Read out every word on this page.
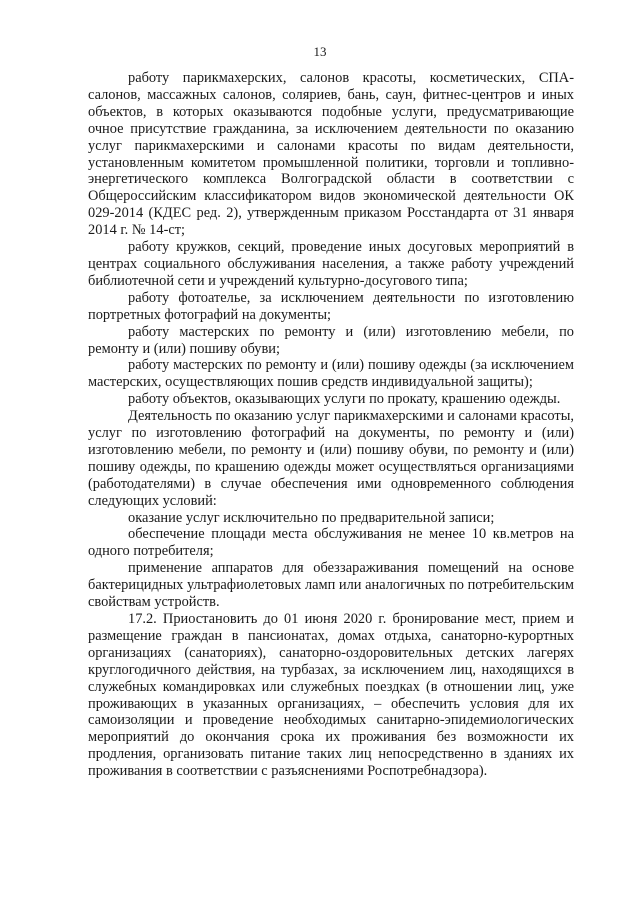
13

работу парикмахерских, салонов красоты, косметических, СПА-салонов, массажных салонов, соляриев, бань, саун, фитнес-центров и иных объектов, в которых оказываются подобные услуги, предусматривающие очное присутствие гражданина, за исключением деятельности по оказанию услуг парикмахерскими и салонами красоты по видам деятельности, установленным комитетом промышленной политики, торговли и топливно-энергетического комплекса Волгоградской области в соответствии с Общероссийским классификатором видов экономической деятельности ОК 029-2014 (КДЕС ред. 2), утвержденным приказом Росстандарта от 31 января 2014 г. № 14-ст;

работу кружков, секций, проведение иных досуговых мероприятий в центрах социального обслуживания населения, а также работу учреждений библиотечной сети и учреждений культурно-досугового типа;

работу фотоателье, за исключением деятельности по изготовлению портретных фотографий на документы;

работу мастерских по ремонту и (или) изготовлению мебели, по ремонту и (или) пошиву обуви;

работу мастерских по ремонту и (или) пошиву одежды (за исключением мастерских, осуществляющих пошив средств индивидуальной защиты);

работу объектов, оказывающих услуги по прокату, крашению одежды.

Деятельность по оказанию услуг парикмахерскими и салонами красоты, услуг по изготовлению фотографий на документы, по ремонту и (или) изготовлению мебели, по ремонту и (или) пошиву обуви, по ремонту и (или) пошиву одежды, по крашению одежды может осуществляться организациями (работодателями) в случае обеспечения ими одновременного соблюдения следующих условий:

оказание услуг исключительно по предварительной записи;

обеспечение площади места обслуживания не менее 10 кв.метров на одного потребителя;

применение аппаратов для обеззараживания помещений на основе бактерицидных ультрафиолетовых ламп или аналогичных по потребительским свойствам устройств.

17.2. Приостановить до 01 июня 2020 г. бронирование мест, прием и размещение граждан в пансионатах, домах отдыха, санаторно-курортных организациях (санаториях), санаторно-оздоровительных детских лагерях круглогодичного действия, на турбазах, за исключением лиц, находящихся в служебных командировках или служебных поездках (в отношении лиц, уже проживающих в указанных организациях, – обеспечить условия для их самоизоляции и проведение необходимых санитарно-эпидемиологических мероприятий до окончания срока их проживания без возможности их продления, организовать питание таких лиц непосредственно в зданиях их проживания в соответствии с разъяснениями Роспотребнадзора).
